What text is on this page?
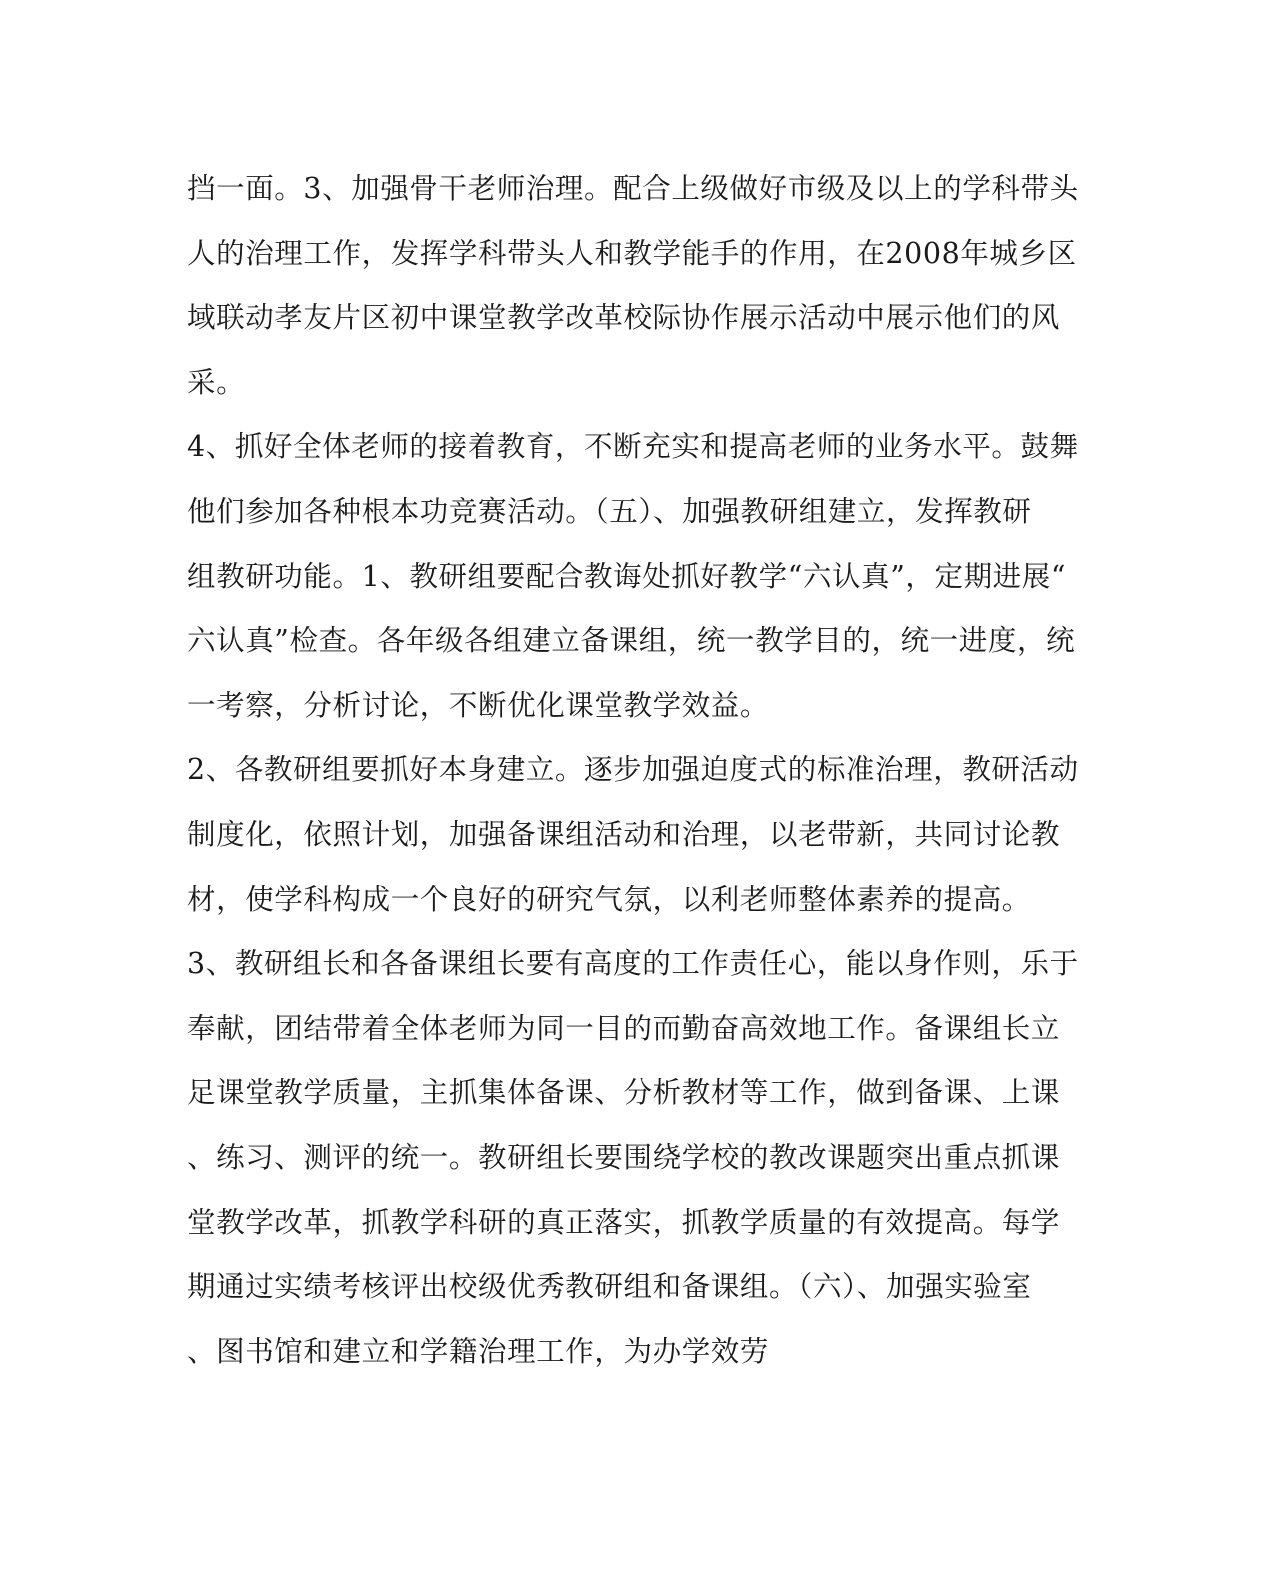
挡一面。3、加强骨干老师治理。配合上级做好市级及以上的学科带头
人的治理工作，发挥学科带头人和教学能手的作用，在2008年城乡区
域联动孝友片区初中课堂教学改革校际协作展示活动中展示他们的风
采。
4、抓好全体老师的接着教育，不断充实和提高老师的业务水平。鼓舞
他们参加各种根本功竞赛活动。（五）、加强教研组建立，发挥教研
组教研功能。1、教研组要配合教诲处抓好教学“六认真”，定期进展“
六认真”检查。各年级各组建立备课组，统一教学目的，统一进度，统
一考察，分析讨论，不断优化课堂教学效益。
2、各教研组要抓好本身建立。逐步加强迫度式的标准治理，教研活动
制度化，依照计划，加强备课组活动和治理，以老带新，共同讨论教
材，使学科构成一个良好的研究气氛，以利老师整体素养的提高。
3、教研组长和各备课组长要有高度的工作责任心，能以身作则，乐于
奉献，团结带着全体老师为同一目的而勤奋高效地工作。备课组长立
足课堂教学质量，主抓集体备课、分析教材等工作，做到备课、上课
、练习、测评的统一。教研组长要围绕学校的教改课题突出重点抓课
堂教学改革，抓教学科研的真正落实，抓教学质量的有效提高。每学
期通过实绩考核评出校级优秀教研组和备课组。（六）、加强实验室
、图书馆和建立和学籍治理工作，为办学效劳
